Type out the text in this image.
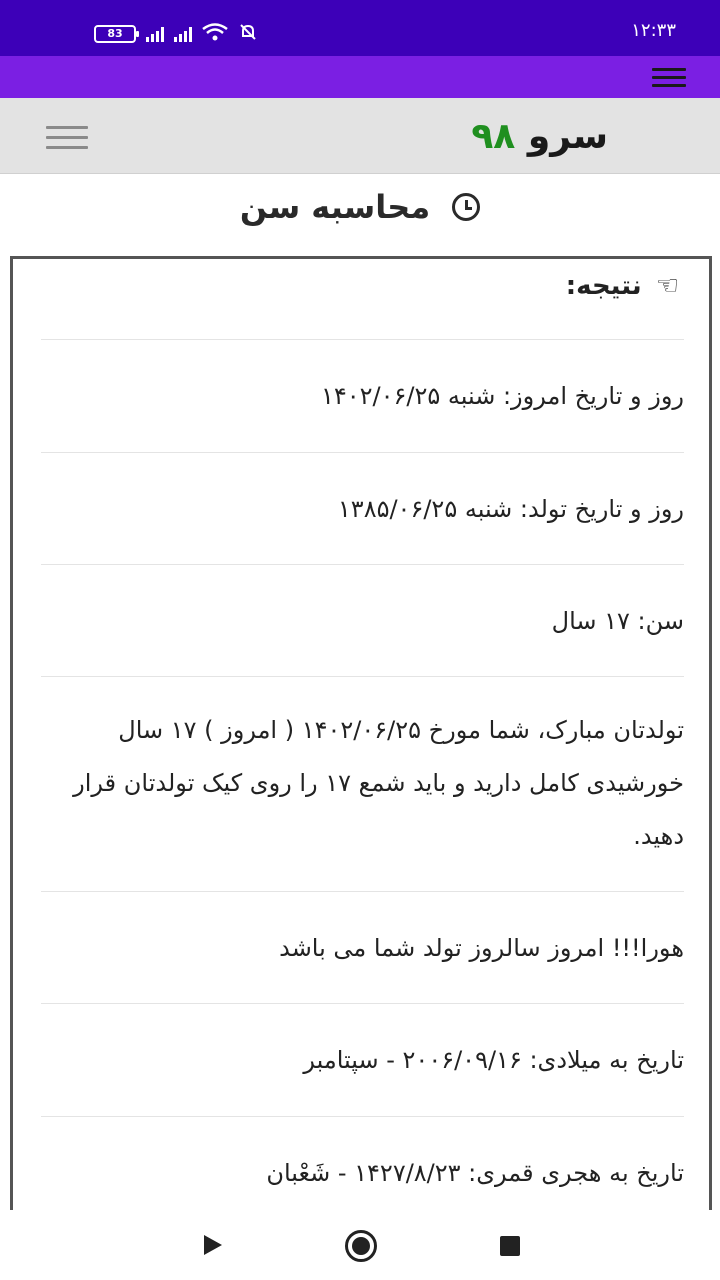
83	۱۲:۳۳
سرو ۹۸
محاسبه سن
☜
نتیجه:
روز و تاریخ امروز: شنبه ۱۴۰۲/۰۶/۲۵
روز و تاریخ تولد: شنبه ۱۳۸۵/۰۶/۲۵
سن: ۱۷ سال
تولدتان مبارک، شما مورخ ۱۴۰۲/۰۶/۲۵ ( امروز ) ۱۷ سال خورشیدی کامل دارید و باید شمع ۱۷ را روی کیک تولدتان قرار دهید.
هورا!!! امروز سالروز تولد شما می باشد
تاریخ به میلادی: ۲۰۰۶/۰۹/۱۶ - سپتامبر
تاریخ به هجری قمری: ۱۴۲۷/۸/۲۳ - شَعْبان
